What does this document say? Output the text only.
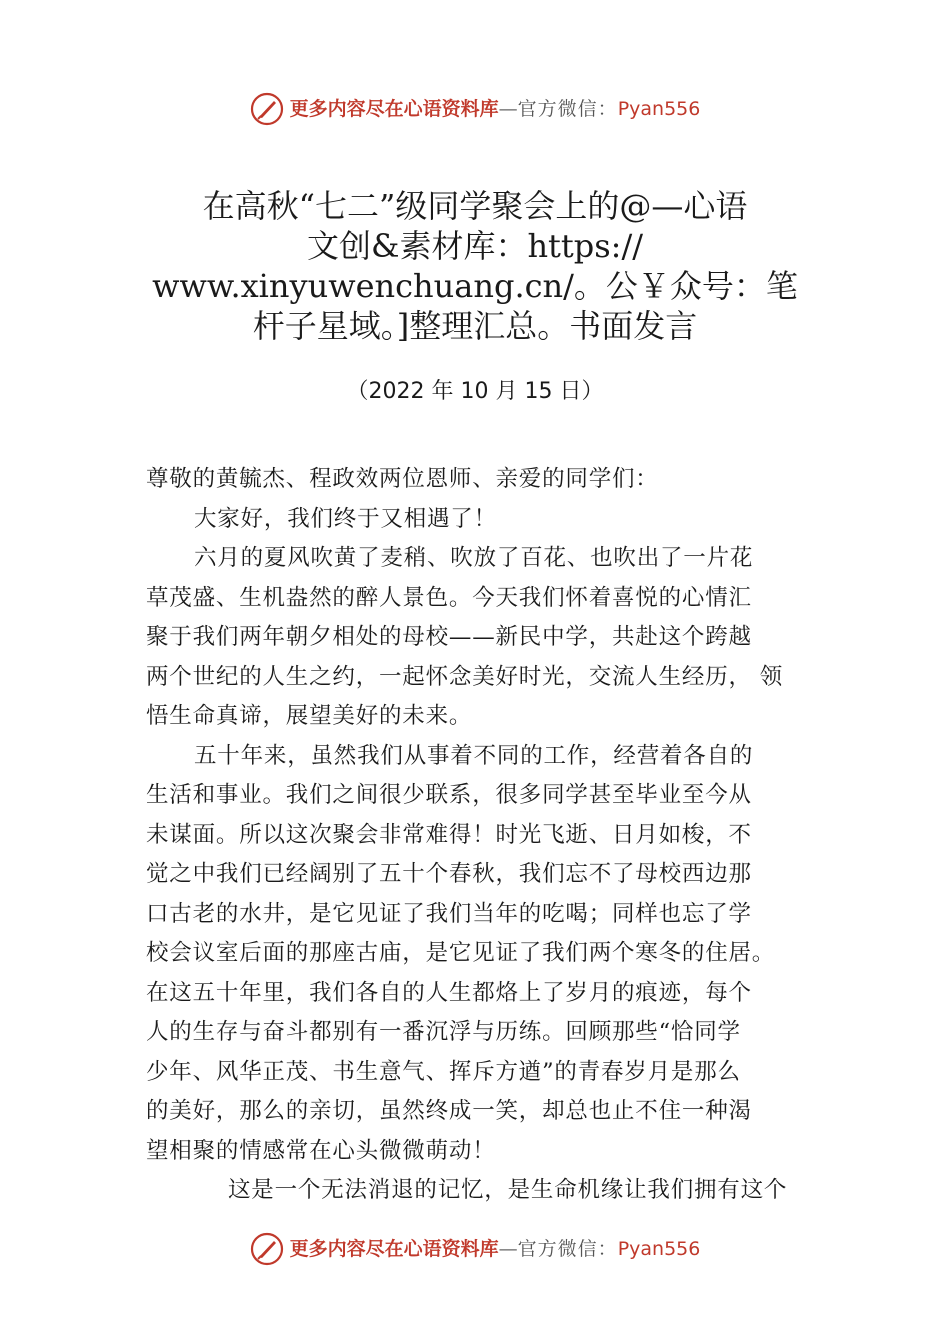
更多内容尽在心语资料库—官方微信：Pyan556
在高秋“七二”级同学聚会上的@—心语
文创&素材库：https://
www.xinyuwenchuang.cn/。公￥众号：笔
杆子星域。]整理汇总。书面发言
（2022 年 10 月 15 日）
尊敬的黄毓杰、程政效两位恩师、亲爱的同学们：
大家好，我们终于又相遇了！
六月的夏风吹黄了麦稍、吹放了百花、也吹出了一片花
草茂盛、生机盎然的醉人景色。今天我们怀着喜悦的心情汇
聚于我们两年朝夕相处的母校——新民中学，共赴这个跨越
两个世纪的人生之约，一起怀念美好时光，交流人生经历， 领
悟生命真谛，展望美好的未来。
五十年来，虽然我们从事着不同的工作，经营着各自的
生活和事业。我们之间很少联系，很多同学甚至毕业至今从
未谋面。所以这次聚会非常难得！时光飞逝、日月如梭，不
觉之中我们已经阔别了五十个春秋，我们忘不了母校西边那
口古老的水井，是它见证了我们当年的吃喝；同样也忘了学
校会议室后面的那座古庙，是它见证了我们两个寒冬的住居。
在这五十年里，我们各自的人生都烙上了岁月的痕迹，每个
人的生存与奋斗都别有一番沉浮与历练。回顾那些“恰同学
少年、风华正茂、书生意气、挥斥方遒”的青春岁月是那么
的美好，那么的亲切，虽然终成一笑，却总也止不住一种渴
望相聚的情感常在心头微微萌动！
这是一个无法消退的记忆，是生命机缘让我们拥有这个
更多内容尽在心语资料库—官方微信：Pyan556
